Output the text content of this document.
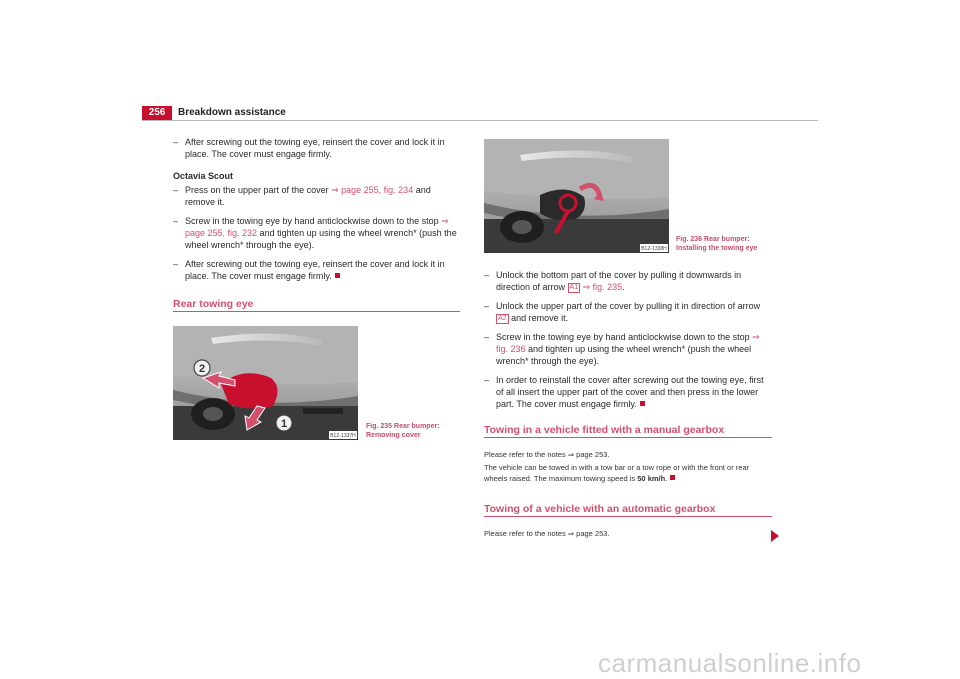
256	Breakdown assistance
– After screwing out the towing eye, reinsert the cover and lock it in place. The cover must engage firmly.
Octavia Scout
– Press on the upper part of the cover ⇒ page 255, fig. 234 and remove it.
– Screw in the towing eye by hand anticlockwise down to the stop ⇒ page 255, fig. 232 and tighten up using the wheel wrench* (push the wheel wrench* through the eye).
– After screwing out the towing eye, reinsert the cover and lock it in place. The cover must engage firmly.
Rear towing eye
2
1
B1Z-1337H
Fig. 235 Rear bumper:
Removing cover
B1Z-1338H
Fig. 236 Rear bumper:
Installing the towing eye
– Unlock the bottom part of the cover by pulling it downwards in direction of arrow A1 ⇒ fig. 235.
– Unlock the upper part of the cover by pulling it in direction of arrow A2 and remove it.
– Screw in the towing eye by hand anticlockwise down to the stop ⇒ fig. 236 and tighten up using the wheel wrench* (push the wheel wrench* through the eye).
– In order to reinstall the cover after screwing out the towing eye, first of all insert the upper part of the cover and then press in the lower part. The cover must engage firmly.
Towing in a vehicle fitted with a manual gearbox
Please refer to the notes ⇒ page 253.
The vehicle can be towed in with a tow bar or a tow rope or with the front or rear wheels raised. The maximum towing speed is 50 km/h.
Towing of a vehicle with an automatic gearbox
Please refer to the notes ⇒ page 253.
carmanualsonline.info
